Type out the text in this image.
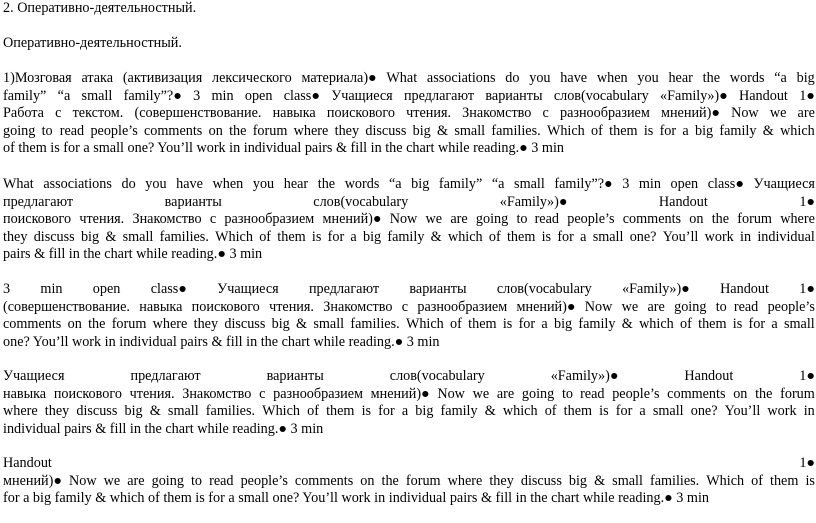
2. Оперативно-деятельностный.
Оперативно-деятельностный.
1)Мозговая атака (активизация лексического материала)● What associations do you have when you hear the words “a big
family” “a small family”?● 3 min open class● Учащиеся предлагают варианты слов(vocabulary «Family»)● Handout 1●
Работа с текстом. (совершенствование. навыка поискового чтения. Знакомство с разнообразием мнений)● Now we are
going to  read people’s comments on the forum where they discuss big & small families. Which of them is for a big family & which
of them is for a small one? You’ll work in individual pairs & fill in the chart while reading.● 3 min
What associations do you have when you hear the words “a big family” “a small family”?● 3 min open class● Учащиеся
предлагают	варианты	слов(vocabulary	«Family»)●	Handout	1●
поискового чтения. Знакомство с разнообразием мнений)● Now we are going to  read people’s comments on the forum where
they discuss big & small families. Which of them is for a big family & which of them is for a small one? You’ll work in individual
pairs & fill in the chart while reading.● 3 min
3 min open class● Учащиеся предлагают варианты слов(vocabulary «Family»)● Handout 1●
(совершенствование. навыка поискового чтения. Знакомство с разнообразием мнений)● Now we are going to  read people’s
comments on the forum where they discuss big & small families. Which of them is for a big family & which of them is for a small
one? You’ll work in individual pairs & fill in the chart while reading.● 3 min
Учащиеся	предлагают	варианты	слов(vocabulary	«Family»)●	Handout	1●
навыка поискового чтения. Знакомство с разнообразием мнений)● Now we are going to  read people’s comments on the forum
where they discuss big & small families. Which of them is for a big family & which of them is for a small one? You’ll work in
individual pairs & fill in the chart while reading.● 3 min
Handout	1●
мнений)● Now we are going to  read people’s comments on the forum where they discuss big & small families. Which of them is
for a big family & which of them is for a small one? You’ll work in individual pairs & fill in the chart while reading.● 3 min
